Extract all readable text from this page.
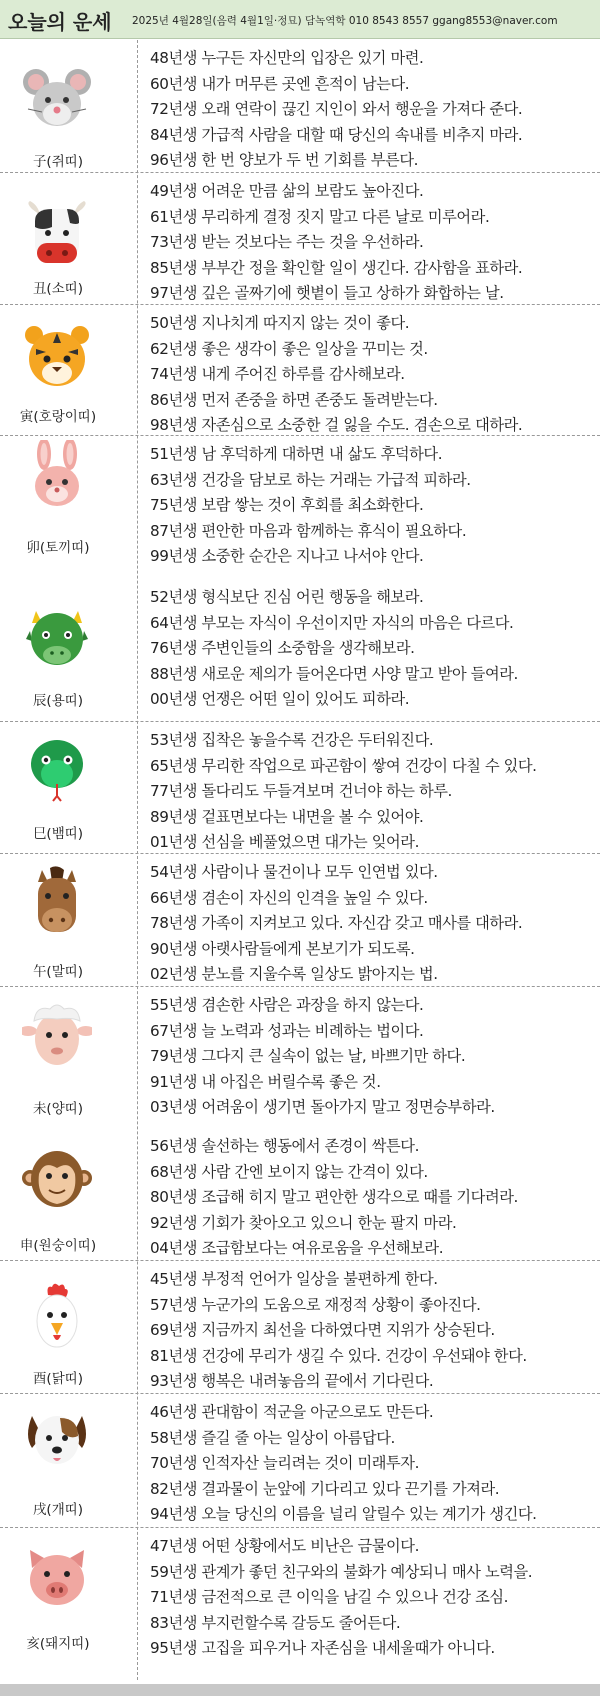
오늘의 운세 2025년 4월28일(음력 4월1일·정묘) 담녹역학 010 8543 8557 ggang8553@naver.com
子(쥐띠)
48년생 누구든 자신만의 입장은 있기 마련.
60년생 내가 머무른 곳엔 흔적이 남는다.
72년생 오래 연락이 끊긴 지인이 와서 행운을 가져다 준다.
84년생 가급적 사람을 대할 때 당신의 속내를 비추지 마라.
96년생 한 번 양보가 두 번 기회를 부른다.
丑(소띠)
49년생 어려운 만큼 삶의 보람도 높아진다.
61년생 무리하게 결정 짓지 말고 다른 날로 미루어라.
73년생 받는 것보다는 주는 것을 우선하라.
85년생 부부간 정을 확인할 일이 생긴다. 감사함을 표하라.
97년생 깊은 골짜기에 햇볕이 들고 상하가 화합하는 날.
寅(호랑이띠)
50년생 지나치게 따지지 않는 것이 좋다.
62년생 좋은 생각이 좋은 일상을 꾸미는 것.
74년생 내게 주어진 하루를 감사해보라.
86년생 먼저 존중을 하면 존중도 돌려받는다.
98년생 자존심으로 소중한 걸 잃을 수도. 겸손으로 대하라.
卯(토끼띠)
51년생 남 후덕하게 대하면 내 삶도 후덕하다.
63년생 건강을 담보로 하는 거래는 가급적 피하라.
75년생 보람 쌓는 것이 후회를 최소화한다.
87년생 편안한 마음과 함께하는 휴식이 필요하다.
99년생 소중한 순간은 지나고 나서야 안다.
辰(용띠)
52년생 형식보단 진심 어린 행동을 해보라.
64년생 부모는 자식이 우선이지만 자식의 마음은 다르다.
76년생 주변인들의 소중함을 생각해보라.
88년생 새로운 제의가 들어온다면 사양 말고 받아 들여라.
00년생 언쟁은 어떤 일이 있어도 피하라.
巳(뱀띠)
53년생 집착은 놓을수록 건강은 두터워진다.
65년생 무리한 작업으로 파곤함이 쌓여 건강이 다칠 수 있다.
77년생 돌다리도 두들겨보며 건너야 하는 하루.
89년생 겉표면보다는 내면을 볼 수 있어야.
01년생 선심을 베풀었으면 대가는 잊어라.
午(말띠)
54년생 사람이나 물건이나 모두 인연법 있다.
66년생 겸손이 자신의 인격을 높일 수 있다.
78년생 가족이 지켜보고 있다. 자신감 갖고 매사를 대하라.
90년생 아랫사람들에게 본보기가 되도록.
02년생 분노를 지울수록 일상도 밝아지는 법.
未(양띠)
55년생 겸손한 사람은 과장을 하지 않는다.
67년생 늘 노력과 성과는 비례하는 법이다.
79년생 그다지 큰 실속이 없는 날, 바쁘기만 하다.
91년생 내 아집은 버릴수록 좋은 것.
03년생 어려움이 생기면 돌아가지 말고 정면승부하라.
申(원숭이띠)
56년생 솔선하는 행동에서 존경이 싹튼다.
68년생 사람 간엔 보이지 않는 간격이 있다.
80년생 조급해 히지 말고 편안한 생각으로 때를 기다려라.
92년생 기회가 찾아오고 있으니 한눈 팔지 마라.
04년생 조급함보다는 여유로움을 우선해보라.
酉(닭띠)
45년생 부정적 언어가 일상을 불편하게 한다.
57년생 누군가의 도움으로 재정적 상황이 좋아진다.
69년생 지금까지 최선을 다하였다면 지위가 상승된다.
81년생 건강에 무리가 생길 수 있다. 건강이 우선돼야 한다.
93년생 행복은 내려놓음의 끝에서 기다린다.
戌(개띠)
46년생 관대함이 적군을 아군으로도 만든다.
58년생 즐길 줄 아는 일상이 아름답다.
70년생 인적자산 늘리려는 것이 미래투자.
82년생 결과물이 눈앞에 기다리고 있다 끈기를 가져라.
94년생 오늘 당신의 이름을 널리 알릴수 있는 계기가 생긴다.
亥(돼지띠)
47년생 어떤 상황에서도 비난은 금물이다.
59년생 관계가 좋던 친구와의 불화가 예상되니 매사 노력을.
71년생 금전적으로 큰 이익을 남길 수 있으나 건강 조심.
83년생 부지런할수록 갈등도 줄어든다.
95년생 고집을 피우거나 자존심을 내세울때가 아니다.
